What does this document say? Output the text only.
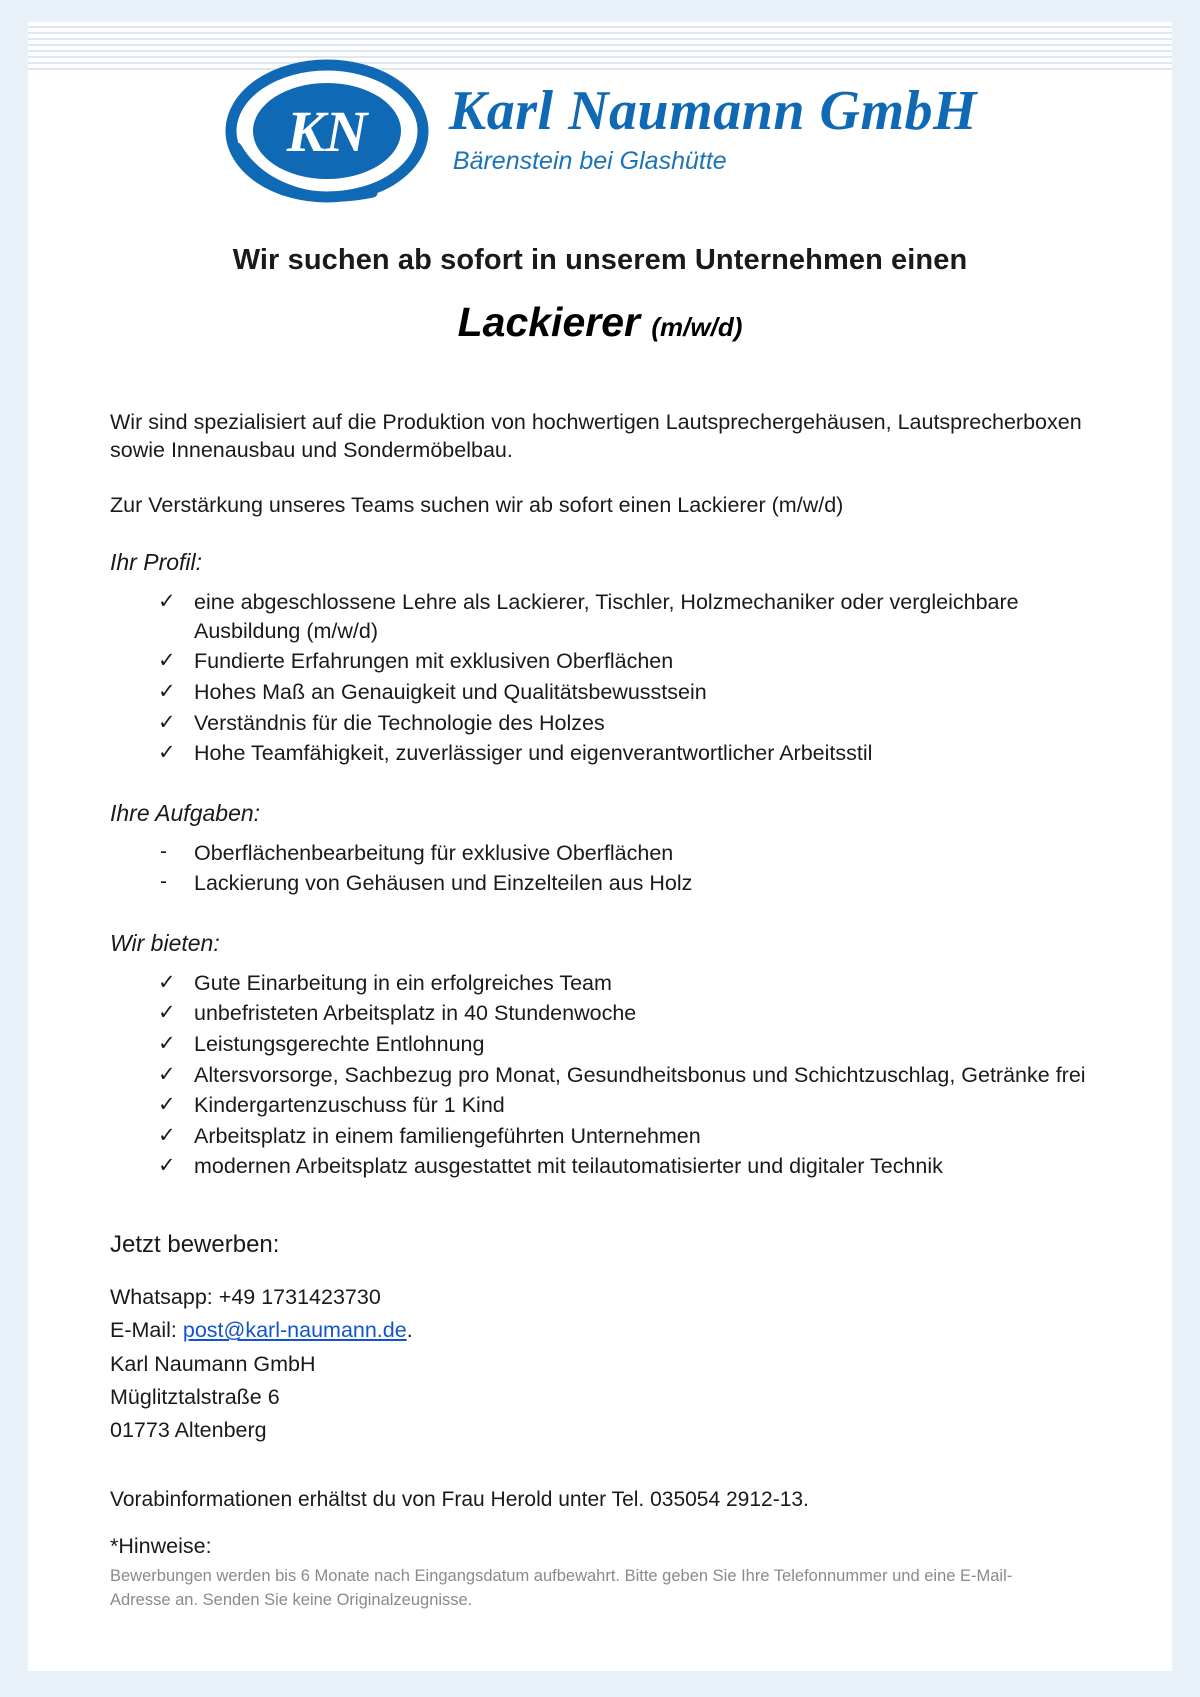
KN Karl Naumann GmbH
Bärenstein bei Glashütte
Wir suchen ab sofort in unserem Unternehmen einen
Lackierer (m/w/d)

Wir sind spezialisiert auf die Produktion von hochwertigen Lautsprechergehäusen, Lautsprecherboxen sowie Innenausbau und Sondermöbelbau.

Zur Verstärkung unseres Teams suchen wir ab sofort einen Lackierer (m/w/d)

Ihr Profil:

✓ eine abgeschlossene Lehre als Lackierer, Tischler, Holzmechaniker oder vergleichbare Ausbildung (m/w/d)
✓ Fundierte Erfahrungen mit exklusiven Oberflächen
✓ Hohes Maß an Genauigkeit und Qualitätsbewusstsein
✓ Verständnis für die Technologie des Holzes
✓ Hohe Teamfähigkeit, zuverlässiger und eigenverantwortlicher Arbeitsstil

Ihre Aufgaben:

-	Oberflächenbearbeitung für exklusive Oberflächen
-	Lackierung von Gehäusen und Einzelteilen aus Holz

Wir bieten:

✓ Gute Einarbeitung in ein erfolgreiches Team
✓ unbefristeten Arbeitsplatz in 40 Stundenwoche
✓ Leistungsgerechte Entlohnung
✓ Altersvorsorge, Sachbezug pro Monat, Gesundheitsbonus und Schichtzuschlag, Getränke frei
✓ Kindergartenzuschuss für 1 Kind
✓ Arbeitsplatz in einem familiengeführten Unternehmen
✓ modernen Arbeitsplatz ausgestattet mit teilautomatisierter und digitaler Technik

Jetzt bewerben:

Whatsapp: +49 1731423730

E-Mail: post@karl-naumann.de.

Karl Naumann GmbH

Müglitztalstraße 6

01773 Altenberg

Vorabinformationen erhältst du von Frau Herold unter Tel. 035054 2912-13.

*Hinweise:

Bewerbungen werden bis 6 Monate nach Eingangsdatum aufbewahrt. Bitte geben Sie Ihre Telefonnummer und eine E-Mail-Adresse an. Senden Sie keine Originalzeugnisse.
